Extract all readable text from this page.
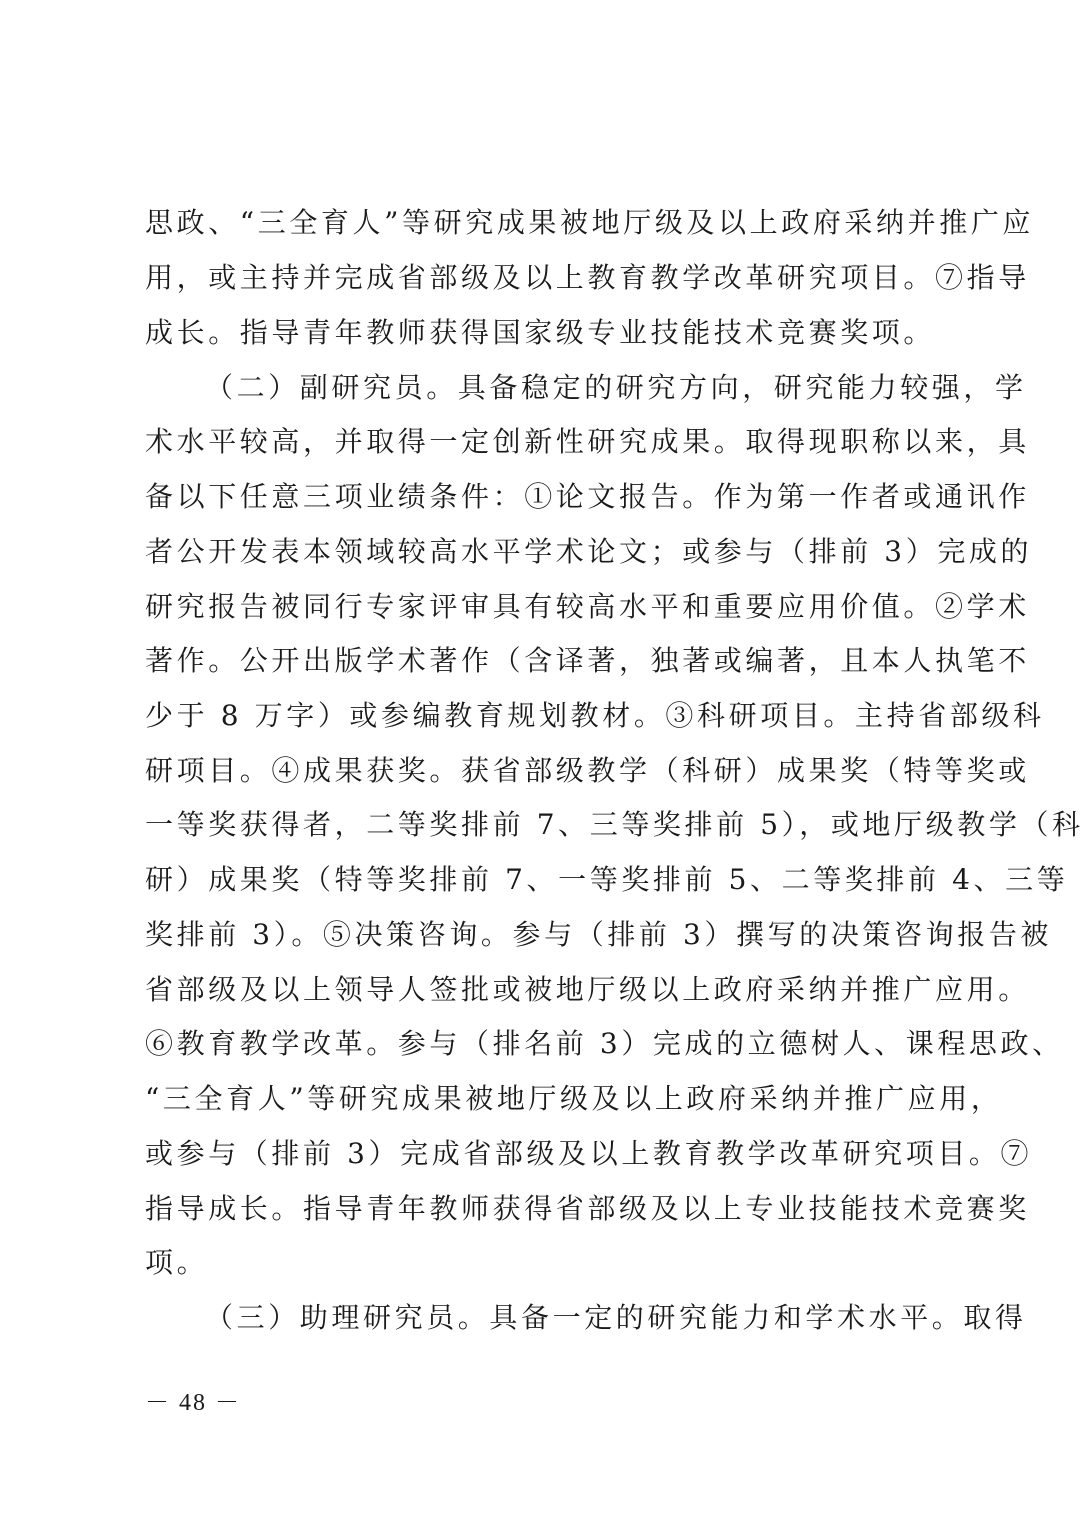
思政、“三全育人”等研究成果被地厅级及以上政府采纳并推广应
用，或主持并完成省部级及以上教育教学改革研究项目。⑦指导
成长。指导青年教师获得国家级专业技能技术竞赛奖项。
（二）副研究员。具备稳定的研究方向，研究能力较强，学
术水平较高，并取得一定创新性研究成果。取得现职称以来，具
备以下任意三项业绩条件：①论文报告。作为第一作者或通讯作
者公开发表本领域较高水平学术论文；或参与（排前 3）完成的
研究报告被同行专家评审具有较高水平和重要应用价值。②学术
著作。公开出版学术著作（含译著，独著或编著，且本人执笔不
少于 8 万字）或参编教育规划教材。③科研项目。主持省部级科
研项目。④成果获奖。获省部级教学（科研）成果奖（特等奖或
一等奖获得者，二等奖排前 7、三等奖排前 5），或地厅级教学（科
研）成果奖（特等奖排前 7、一等奖排前 5、二等奖排前 4、三等
奖排前 3）。⑤决策咨询。参与（排前 3）撰写的决策咨询报告被
省部级及以上领导人签批或被地厅级以上政府采纳并推广应用。
⑥教育教学改革。参与（排名前 3）完成的立德树人、课程思政、
“三全育人”等研究成果被地厅级及以上政府采纳并推广应用，
或参与（排前 3）完成省部级及以上教育教学改革研究项目。⑦
指导成长。指导青年教师获得省部级及以上专业技能技术竞赛奖
项。
（三）助理研究员。具备一定的研究能力和学术水平。取得
－ 48 －
